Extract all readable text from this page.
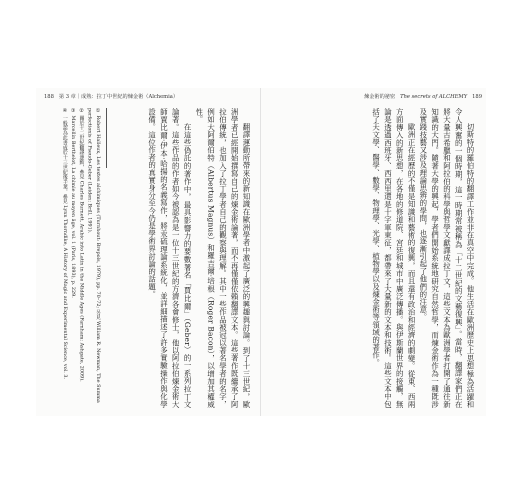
188 第 3 章｜成熟：拉丁中世紀的煉金術（Alchemia）	煉金術的祕密 The secrets of ALCHEMY 189

切斯特的羅伯特的翻譯工作並非在真空中完成。他生活在歐洲歷史上思想極為活躍和令人興奮的一個時期，這一時期常被稱為「十二世紀的文藝復興」。當時，翻譯家們正在將大量古希臘和阿拉伯的科學與哲學文獻譯成拉丁文，這些文本為歐洲學者打開了通往新知識的大門。隨著大學的興起，學者們開始系統地研究自然哲學，而煉金術作為一種既涉及實踐技藝又涉及理論思辨的學問，也逐漸引起了他們的注意。

歐洲正在經歷的不僅是知識和藝術的復興，而且還有政治和經濟的劇變。從東、西兩方面傳入的新思想，在各地的修道院、宮廷和城市中廣泛傳播。與伊斯蘭世界的接觸，無論是透過西班牙、西西里還是十字軍東征，都帶來了大量新的文本和技術。這些文本中包括了天文學、醫學、數學、物理學、光學、植物學以及煉金術等領域的著作。

翻譯運動所帶來的新知識在歐洲學者中激起了廣泛的興趣與討論。到了十三世紀，歐洲學者已經開始撰寫自己的煉金術論著，而不再僅僅依賴翻譯文本。這些著作既繼承了阿拉伯傳統，也加入了拉丁學者自己的觀察與理解。其中一些作品被冠以著名學者的名字，例如大阿爾伯特（Albertus Magnus）和羅吉爾·培根（Roger Bacon），以增加其權威性。

在這些偽託的著作中，最具影響力的要數署名「賈比爾」（Geber）的一系列拉丁文論著。這些作品的作者如今被認為是一位十三世紀的方濟各會修士，他以阿拉伯煉金術大師賈比爾·伊本·哈揚的名義寫作，將汞硫理論系統化，並詳細描述了許多實驗操作與化學設備。這位作者的真實身分至今仍是學術界討論的話題。

① Robert Halleux, Les textes alchimiques (Turnhout: Brepols, 1979), pp. 70–72; 另見 William R. Newman, The Summa perfectionis of Pseudo-Geber (Leiden: Brill, 1991).

② 關於十二世紀翻譯運動，參見 Charles Burnett, Arabic into Latin in the Middle Ages (Farnham: Ashgate, 2009).

③ Marcellin Berthelot, La chimie au moyen âge, vol. 1 (Paris, 1893), p. 229.

④ 一般認為此書成於十三世紀後半葉，參見 Lynn Thorndike, A History of Magic and Experimental Science, vol. 3.
